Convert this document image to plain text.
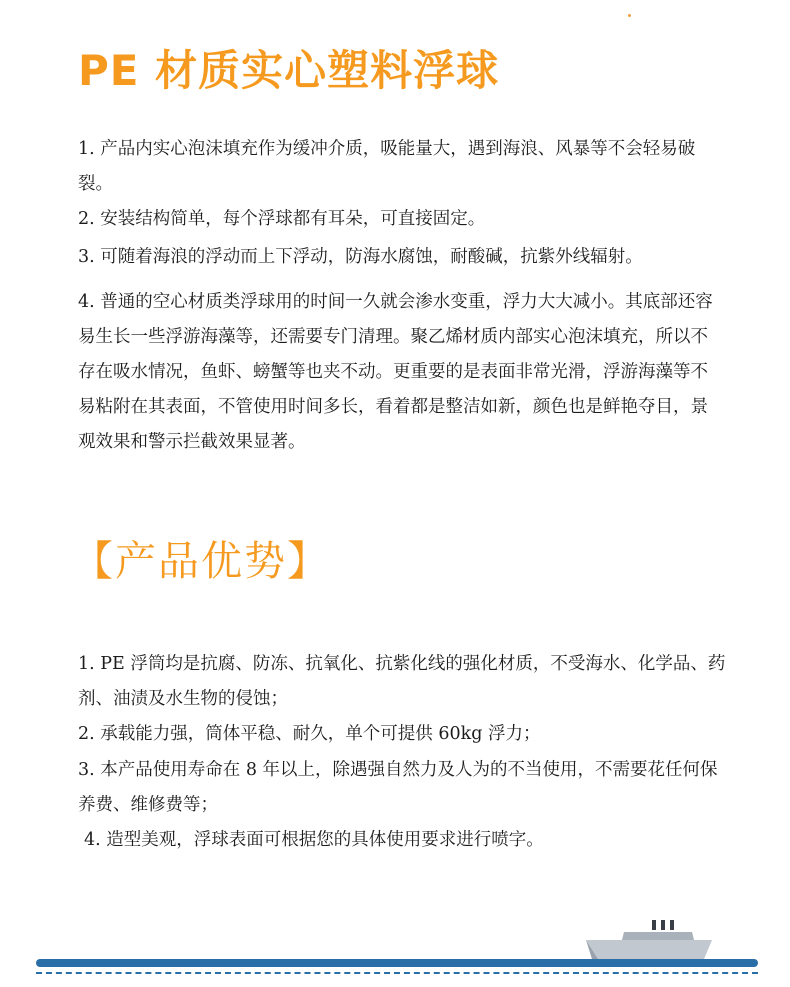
PE 材质实心塑料浮球

1. 产品内实心泡沫填充作为缓冲介质，吸能量大，遇到海浪、风暴等不会轻易破裂。

2. 安装结构简单，每个浮球都有耳朵，可直接固定。

3. 可随着海浪的浮动而上下浮动，防海水腐蚀，耐酸碱，抗紫外线辐射。

4. 普通的空心材质类浮球用的时间一久就会渗水变重，浮力大大减小。其底部还容易生长一些浮游海藻等，还需要专门清理。聚乙烯材质内部实心泡沫填充，所以不存在吸水情况，鱼虾、螃蟹等也夹不动。更重要的是表面非常光滑，浮游海藻等不易粘附在其表面，不管使用时间多长，看着都是整洁如新，颜色也是鲜艳夺目，景观效果和警示拦截效果显著。

【产品优势】

1. PE 浮筒均是抗腐、防冻、抗氧化、抗紫化线的强化材质，不受海水、化学品、药剂、油渍及水生物的侵蚀；

2. 承载能力强，筒体平稳、耐久，单个可提供 60kg 浮力；

3. 本产品使用寿命在 8 年以上，除遇强自然力及人为的不当使用，不需要花任何保养费、维修费等；

4. 造型美观，浮球表面可根据您的具体使用要求进行喷字。
